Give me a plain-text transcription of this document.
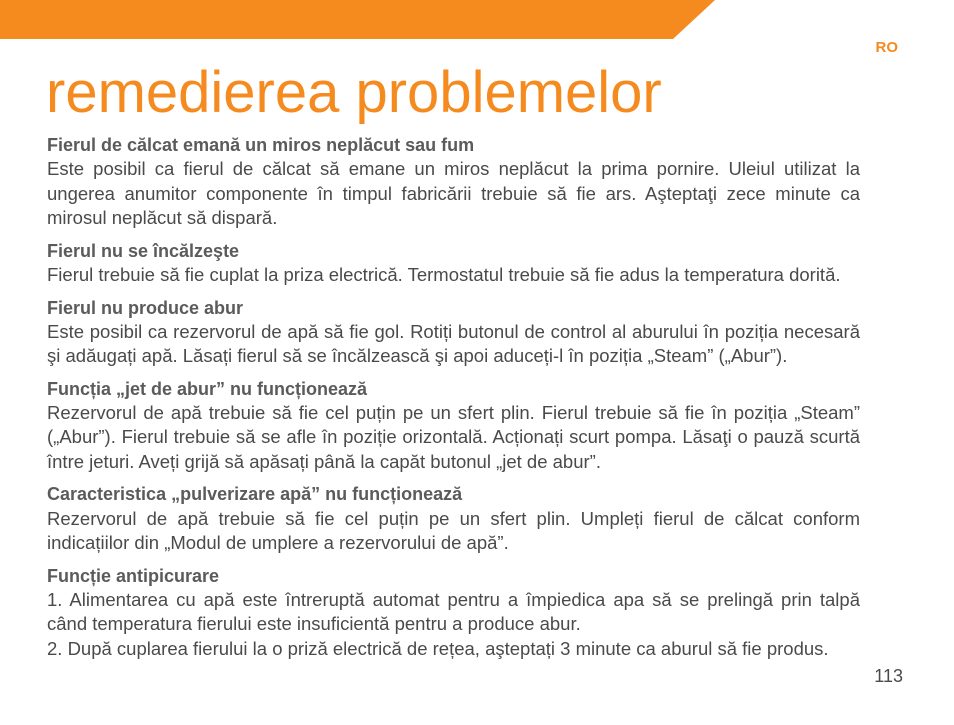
RO
remedierea problemelor
Fierul de călcat emană un miros neplăcut sau fum
Este posibil ca fierul de călcat să emane un miros neplăcut la prima pornire. Uleiul utilizat la
ungerea anumitor componente în timpul fabricării trebuie să fie ars. Aşteptaţi zece minute ca
mirosul neplăcut să dispară.
Fierul nu se încălzeşte
Fierul trebuie să fie cuplat la priza electrică. Termostatul trebuie să fie adus la temperatura dorită.
Fierul nu produce abur
Este posibil ca rezervorul de apă să fie gol. Rotiți butonul de control al aburului în poziția necesară
şi adăugați apă. Lăsați fierul să se încălzească şi apoi aduceți-l în poziția „Steam” („Abur”).
Funcția „jet de abur” nu funcționează
Rezervorul de apă trebuie să fie cel puțin pe un sfert plin. Fierul trebuie să fie în poziția „Steam”
(„Abur”). Fierul trebuie să se afle în poziție orizontală. Acționați scurt pompa. Lăsaţi o pauză scurtă
între jeturi. Aveți grijă să apăsați până la capăt butonul „jet de abur”.
Caracteristica „pulverizare apă” nu funcționează
Rezervorul de apă trebuie să fie cel puțin pe un sfert plin. Umpleți fierul de călcat conform
indicațiilor din „Modul de umplere a rezervorului de apă”.
Funcție antipicurare
1. Alimentarea cu apă este întreruptă automat pentru a împiedica apa să se prelingă prin talpă
când temperatura fierului este insuficientă pentru a produce abur.
2. După cuplarea fierului la o priză electrică de rețea, aşteptați 3 minute ca aburul să fie produs.
113
